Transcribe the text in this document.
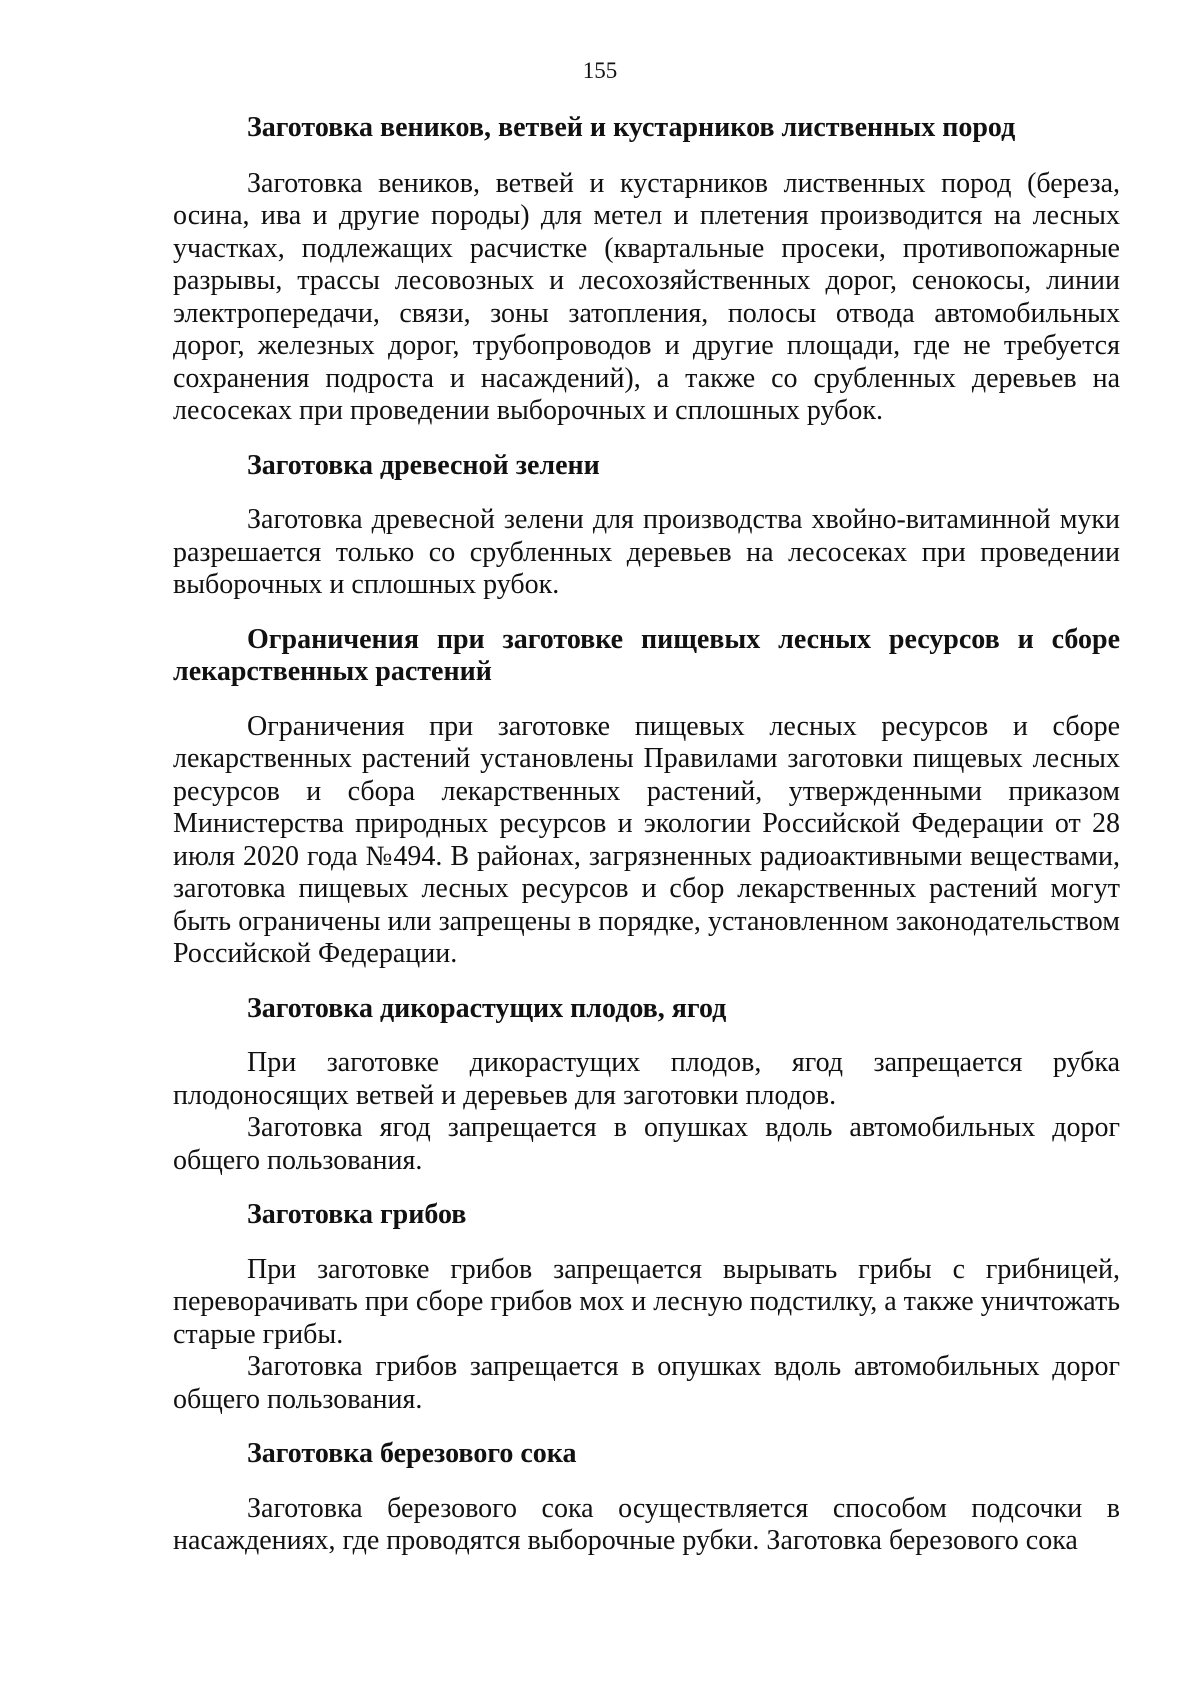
155
Заготовка веников, ветвей и кустарников лиственных пород

Заготовка веников, ветвей и кустарников лиственных пород (береза, осина, ива и другие породы) для метел и плетения производится на лесных участках, подлежащих расчистке (квартальные просеки, противопожарные разрывы, трассы лесовозных и лесохозяйственных дорог, сенокосы, линии электропередачи, связи, зоны затопления, полосы отвода автомобильных дорог, железных дорог, трубопроводов и другие площади, где не требуется сохранения подроста и насаждений), а также со срубленных деревьев на лесосеках при проведении выборочных и сплошных рубок.

Заготовка древесной зелени

Заготовка древесной зелени для производства хвойно-витаминной муки разрешается только со срубленных деревьев на лесосеках при проведении выборочных и сплошных рубок.

Ограничения при заготовке пищевых лесных ресурсов и сборе лекарственных растений

Ограничения при заготовке пищевых лесных ресурсов и сборе лекарственных растений установлены Правилами заготовки пищевых лесных ресурсов и сбора лекарственных растений, утвержденными приказом Министерства природных ресурсов и экологии Российской Федерации от 28 июля 2020 года №494. В районах, загрязненных радиоактивными веществами, заготовка пищевых лесных ресурсов и сбор лекарственных растений могут быть ограничены или запрещены в порядке, установленном законодательством Российской Федерации.

Заготовка дикорастущих плодов, ягод

При заготовке дикорастущих плодов, ягод запрещается рубка плодоносящих ветвей и деревьев для заготовки плодов.

Заготовка ягод запрещается в опушках вдоль автомобильных дорог общего пользования.

Заготовка грибов

При заготовке грибов запрещается вырывать грибы с грибницей, переворачивать при сборе грибов мох и лесную подстилку, а также уничтожать старые грибы.

Заготовка грибов запрещается в опушках вдоль автомобильных дорог общего пользования.

Заготовка березового сока

Заготовка березового сока осуществляется способом подсочки в насаждениях, где проводятся выборочные рубки. Заготовка березового сока
